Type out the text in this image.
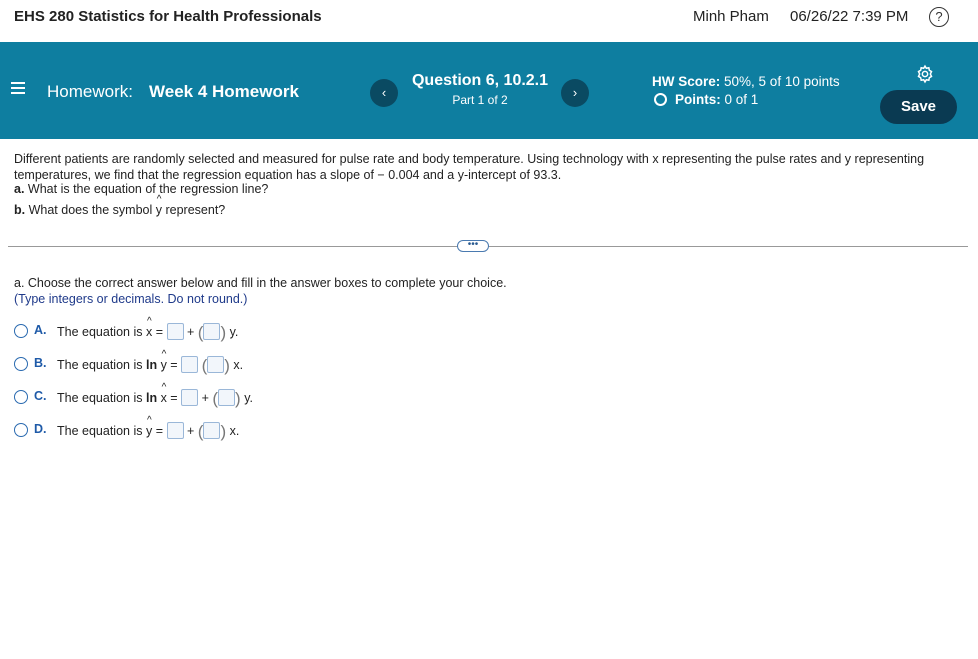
EHS 280 Statistics for Health Professionals	Minh Pham 06/26/22 7:39 PM	?
Homework: Week 4 Homework	‹
Question 6, 10.2.1
Part 1 of 2	›
HW Score: 50%, 5 of 10 points
Points: 0 of 1	Save
Different patients are randomly selected and measured for pulse rate and body temperature. Using technology with x representing the pulse rates and y representing temperatures, we find that the regression equation has a slope of − 0.004 and a y-intercept of 93.3.
a. What is the equation of the regression line?
b. What does the symbol ^ y represent?
•••
a. Choose the correct answer below and fill in the answer boxes to complete your choice.
(Type integers or decimals. Do not round.)
A. The equation is ^ x = + ( ) y.
B. The equation is ln ^ y = ( ) x.
C. The equation is ln ^ x = + ( ) y.
D. The equation is ^ y = + ( ) x.
